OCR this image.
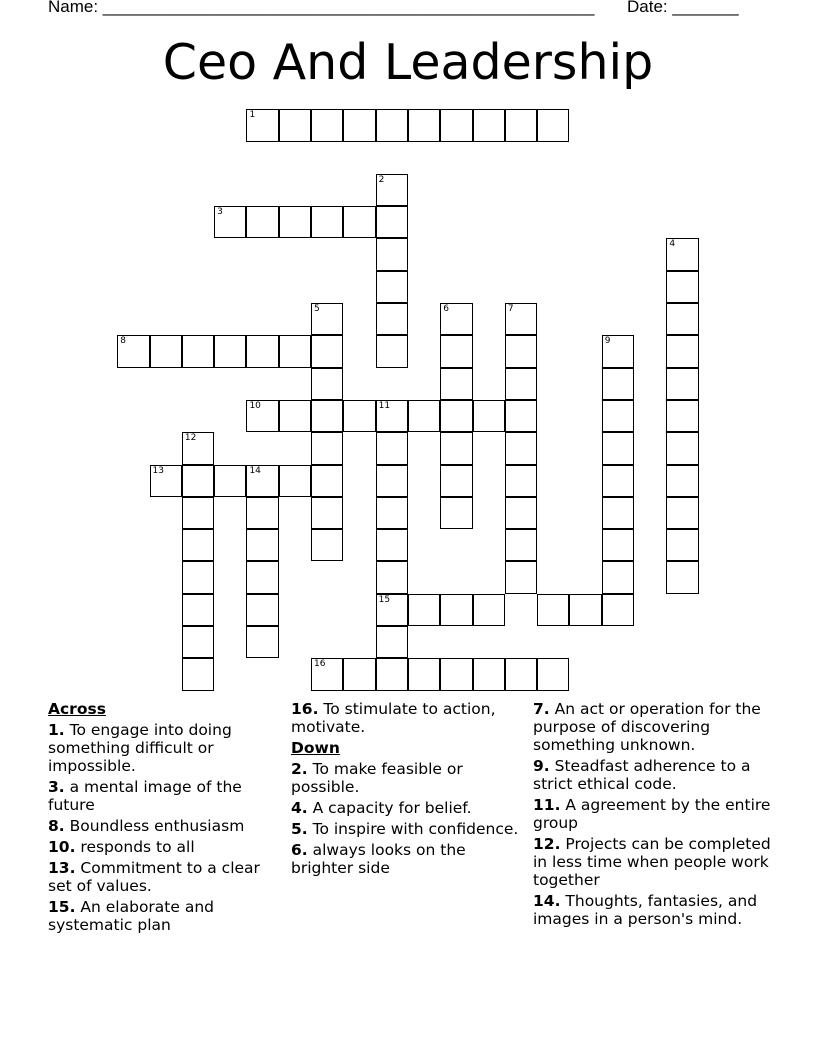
Name: ____________________________________________________ Date: _______
Ceo And Leadership
1
2
3
4
5	6	7
8	9
10	11
15
12
13	14
16
Across
1. To engage into doing something difficult or impossible.
3. a mental image of the future
8. Boundless enthusiasm
10. responds to all
13. Commitment to a clear set of values.
15. An elaborate and systematic plan
16. To stimulate to action, motivate.
Down
2. To make feasible or possible.
4. A capacity for belief.
5. To inspire with confidence.
6. always looks on the brighter side
7. An act or operation for the purpose of discovering something unknown.
9. Steadfast adherence to a strict ethical code.
11. A agreement by the entire group
12. Projects can be completed in less time when people work together
14. Thoughts, fantasies, and images in a person's mind.
